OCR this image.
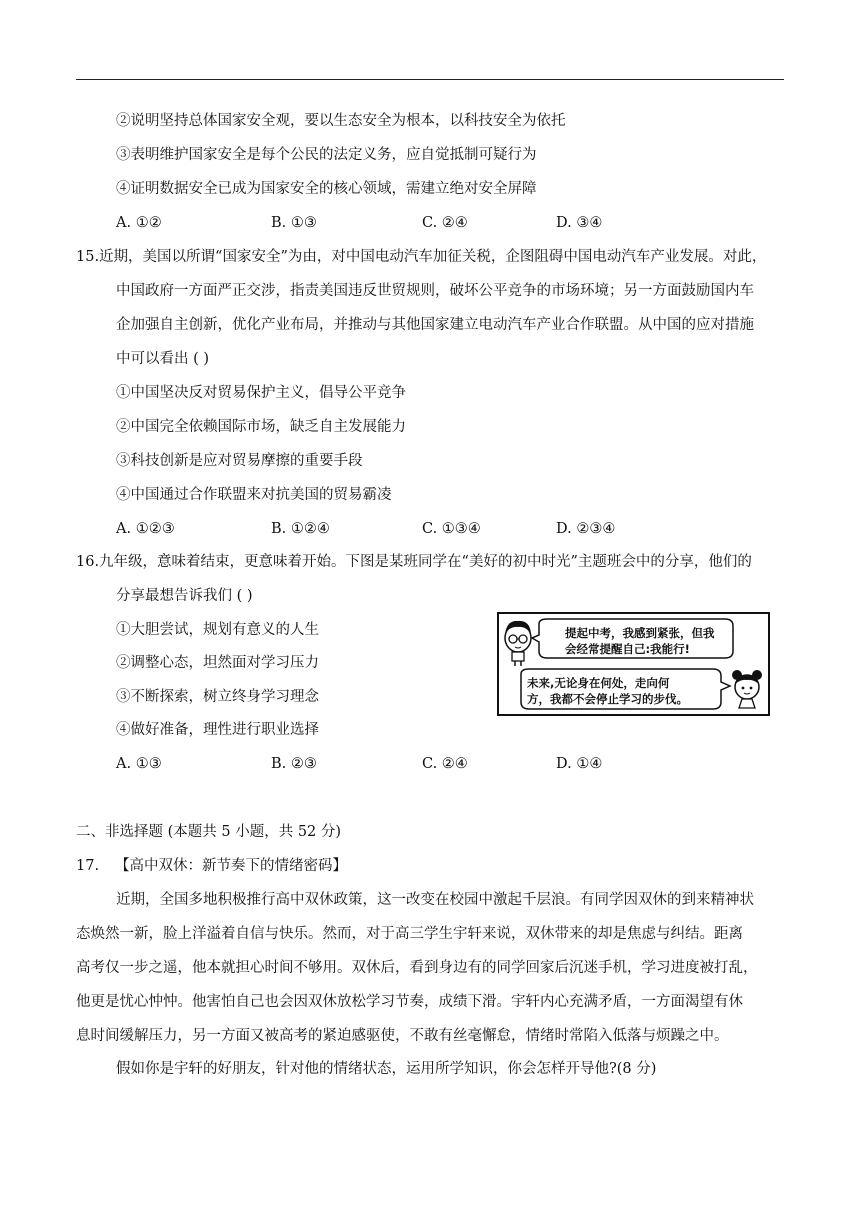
②说明坚持总体国家安全观，要以生态安全为根本，以科技安全为依托
③表明维护国家安全是每个公民的法定义务，应自觉抵制可疑行为
④证明数据安全已成为国家安全的核心领域，需建立绝对安全屏障
A. ①②	B. ①③	C. ②④	D. ③④
15.近期，美国以所谓“国家安全”为由，对中国电动汽车加征关税，企图阻碍中国电动汽车产业发展。对此，
中国政府一方面严正交涉，指责美国违反世贸规则，破坏公平竞争的市场环境；另一方面鼓励国内车
企加强自主创新，优化产业布局，并推动与其他国家建立电动汽车产业合作联盟。从中国的应对措施
中可以看出 ( )
①中国坚决反对贸易保护主义，倡导公平竞争
②中国完全依赖国际市场，缺乏自主发展能力
③科技创新是应对贸易摩擦的重要手段
④中国通过合作联盟来对抗美国的贸易霸凌
A. ①②③	B. ①②④	C. ①③④	D. ②③④
16.九年级，意味着结束，更意味着开始。下图是某班同学在“美好的初中时光”主题班会中的分享，他们的
分享最想告诉我们 ( )
①大胆尝试，规划有意义的人生
②调整心态，坦然面对学习压力
③不断探索，树立终身学习理念
④做好准备，理性进行职业选择
A. ①③	B. ②③	C. ②④	D. ①④
提起中考，我感到紧张，但我
会经常提醒自己:我能行!
未来,无论身在何处，走向何
方，我都不会停止学习的步伐。
二、非选择题 (本题共 5 小题，共 52 分)
17. 【高中双休：新节奏下的情绪密码】
近期，全国多地积极推行高中双休政策，这一改变在校园中激起千层浪。有同学因双休的到来精神状
态焕然一新，脸上洋溢着自信与快乐。然而，对于高三学生宇轩来说，双休带来的却是焦虑与纠结。距离
高考仅一步之遥，他本就担心时间不够用。双休后，看到身边有的同学回家后沉迷手机，学习进度被打乱，
他更是忧心忡忡。他害怕自己也会因双休放松学习节奏，成绩下滑。宇轩内心充满矛盾，一方面渴望有休
息时间缓解压力，另一方面又被高考的紧迫感驱使，不敢有丝毫懈怠，情绪时常陷入低落与烦躁之中。
假如你是宇轩的好朋友，针对他的情绪状态，运用所学知识，你会怎样开导他?(8 分)
